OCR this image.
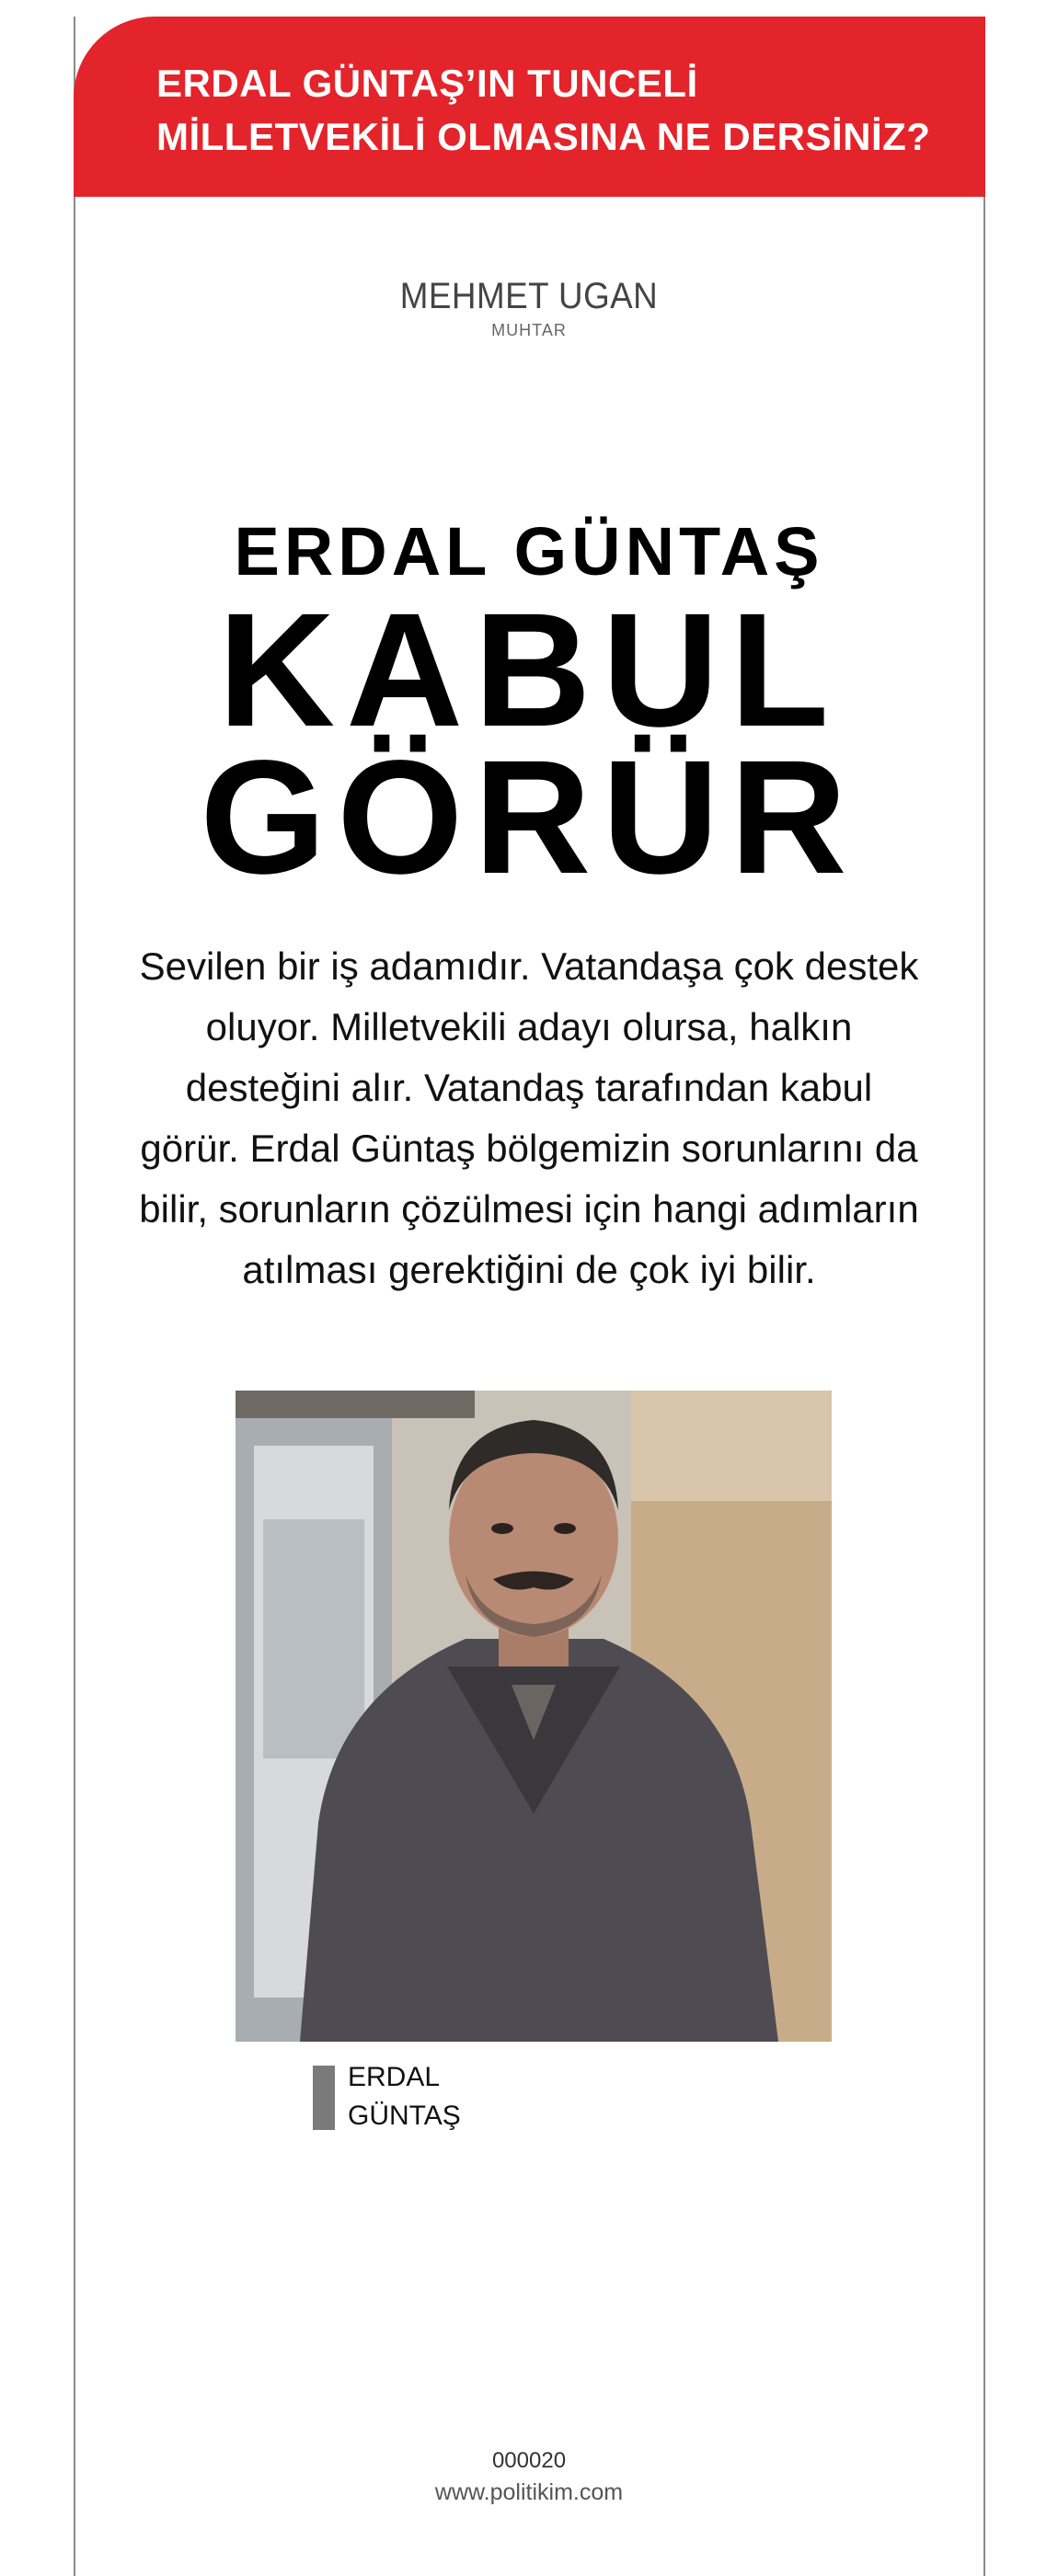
ERDAL GÜNTAŞ’IN TUNCELİ
MİLLETVEKİLİ OLMASINA NE DERSİNİZ?
MEHMET UGAN
MUHTAR
ERDAL GÜNTAŞ
KABUL
GÖRÜR
Sevilen bir iş adamıdır. Vatandaşa çok destek oluyor. Milletvekili adayı olursa, halkın desteğini alır. Vatandaş tarafından kabul görür. Erdal Güntaş bölgemizin sorunlarını da bilir, sorunların çözülmesi için hangi adımların atılması gerektiğini de çok iyi bilir.
ERDAL
GÜNTAŞ
000020
www.politikim.com
